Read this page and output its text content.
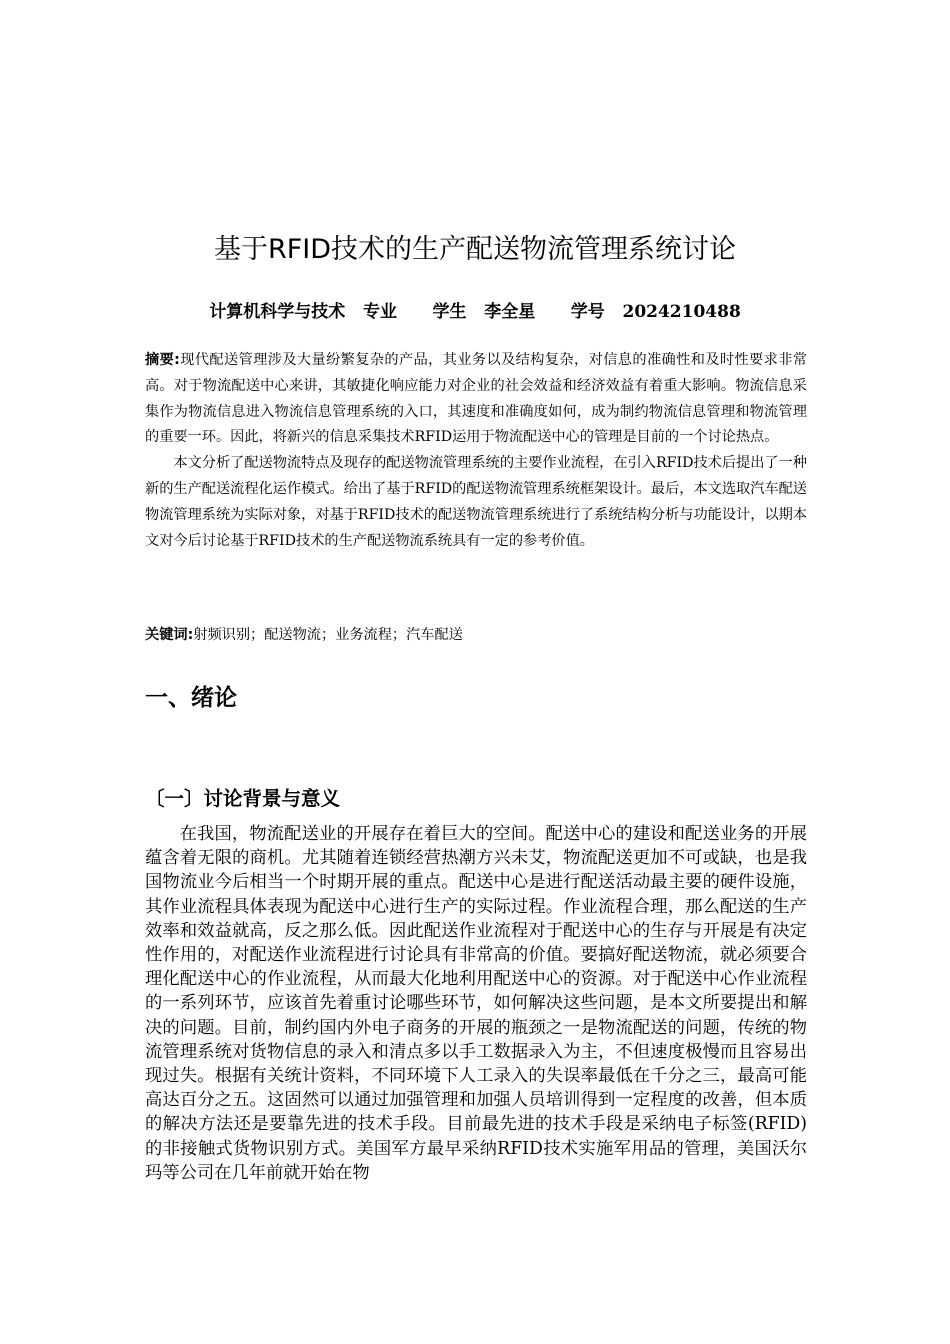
基于RFID技术的生产配送物流管理系统讨论
计算机科学与技术   专业      学生   李全星      学号   2024210488

摘要:现代配送管理涉及大量纷繁复杂的产品，其业务以及结构复杂，对信息的准确性和及时性要求非常高。对于物流配送中心来讲，其敏捷化响应能力对企业的社会效益和经济效益有着重大影响。物流信息采集作为物流信息进入物流信息管理系统的入口，其速度和准确度如何，成为制约物流信息管理和物流管理的重要一环。因此，将新兴的信息采集技术RFID运用于物流配送中心的管理是目前的一个讨论热点。

本文分析了配送物流特点及现存的配送物流管理系统的主要作业流程，在引入RFID技术后提出了一种新的生产配送流程化运作模式。给出了基于RFID的配送物流管理系统框架设计。最后，本文选取汽车配送物流管理系统为实际对象，对基于RFID技术的配送物流管理系统进行了系统结构分析与功能设计，以期本文对今后讨论基于RFID技术的生产配送物流系统具有一定的参考价值。

关键词:射频识别；配送物流；业务流程；汽车配送
一、绪论
〔一〕讨论背景与意义

在我国，物流配送业的开展存在着巨大的空间。配送中心的建设和配送业务的开展蕴含着无限的商机。尤其随着连锁经营热潮方兴未艾，物流配送更加不可或缺，也是我国物流业今后相当一个时期开展的重点。配送中心是进行配送活动最主要的硬件设施，其作业流程具体表现为配送中心进行生产的实际过程。作业流程合理，那么配送的生产效率和效益就高，反之那么低。因此配送作业流程对于配送中心的生存与开展是有决定性作用的，对配送作业流程进行讨论具有非常高的价值。要搞好配送物流，就必须要合理化配送中心的作业流程，从而最大化地利用配送中心的资源。对于配送中心作业流程的一系列环节，应该首先着重讨论哪些环节，如何解决这些问题，是本文所要提出和解决的问题。目前，制约国内外电子商务的开展的瓶颈之一是物流配送的问题，传统的物流管理系统对货物信息的录入和清点多以手工数据录入为主，不但速度极慢而且容易出现过失。根据有关统计资料，不同环境下人工录入的失误率最低在千分之三，最高可能高达百分之五。这固然可以通过加强管理和加强人员培训得到一定程度的改善，但本质的解决方法还是要靠先进的技术手段。目前最先进的技术手段是采纳电子标签(RFID)的非接触式货物识别方式。美国军方最早采纳RFID技术实施军用品的管理，美国沃尔玛等公司在几年前就开始在物
